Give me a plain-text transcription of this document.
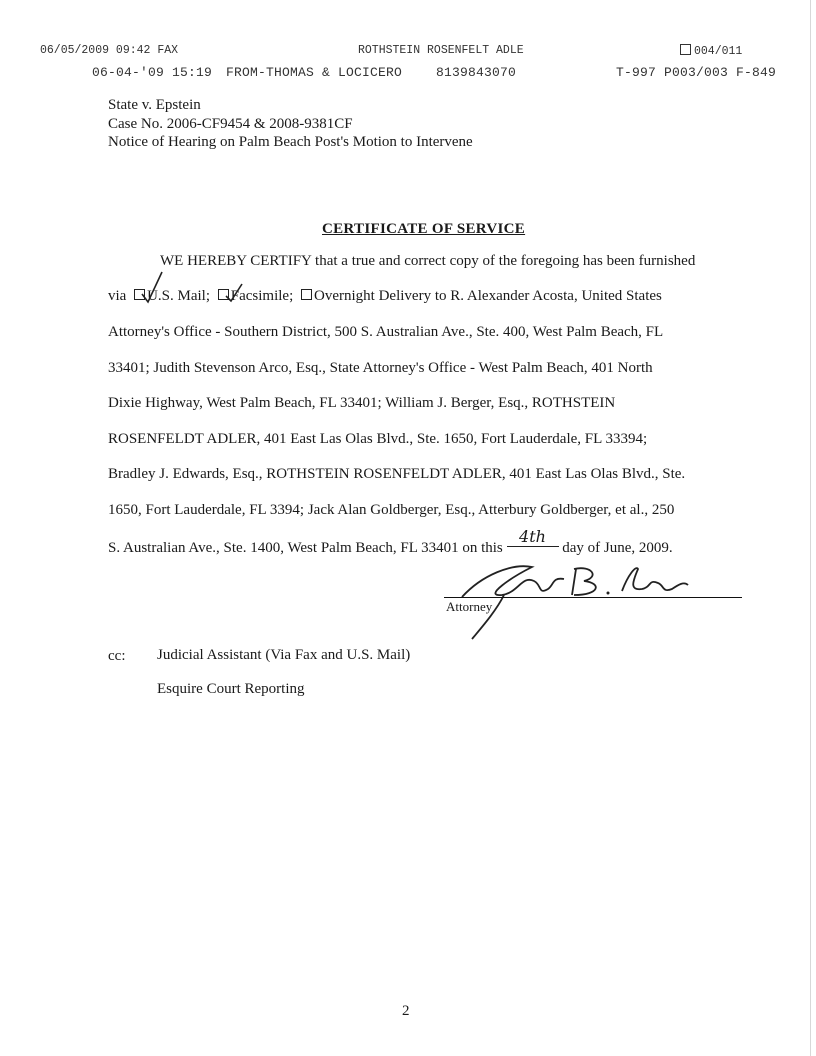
06/05/2009 09:42 FAX	ROTHSTEIN ROSENFELT ADLE	004/011
06-04-'09 15:19 FROM-THOMAS & LOCICERO	8139843070	T-997 P003/003 F-849
State v. Epstein
Case No. 2006-CF9454 & 2008-9381CF
Notice of Hearing on Palm Beach Post's Motion to Intervene
CERTIFICATE OF SERVICE
WE HEREBY CERTIFY that a true and correct copy of the foregoing has been furnished
via U.S. Mail; Facsimile; Overnight Delivery to R. Alexander Acosta, United States
Attorney's Office - Southern District, 500 S. Australian Ave., Ste. 400, West Palm Beach, FL
33401; Judith Stevenson Arco, Esq., State Attorney's Office - West Palm Beach, 401 North
Dixie Highway, West Palm Beach, FL 33401; William J. Berger, Esq., ROTHSTEIN
ROSENFELDT ADLER, 401 East Las Olas Blvd., Ste. 1650, Fort Lauderdale, FL 33394;
Bradley J. Edwards, Esq., ROTHSTEIN ROSENFELDT ADLER, 401 East Las Olas Blvd., Ste.
1650, Fort Lauderdale, FL 3394; Jack Alan Goldberger, Esq., Atterbury Goldberger, et al., 250
S. Australian Ave., Ste. 1400, West Palm Beach, FL 33401 on this 4th day of June, 2009.
Attorney
cc: Judicial Assistant (Via Fax and U.S. Mail)
Esquire Court Reporting
2
